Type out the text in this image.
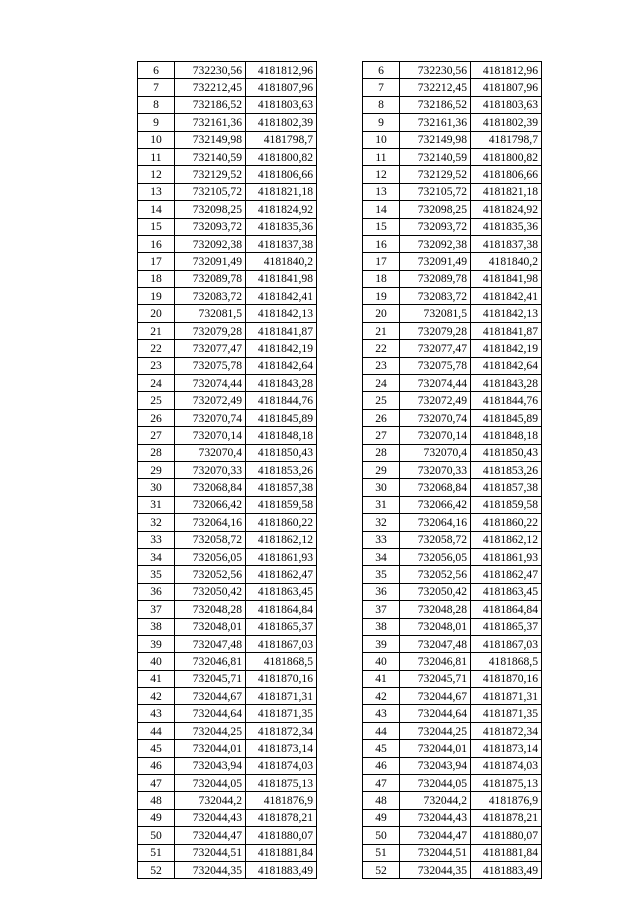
6	732230,56	4181812,96
7	732212,45	4181807,96
8	732186,52	4181803,63
9	732161,36	4181802,39
10	732149,98	4181798,7
11	732140,59	4181800,82
12	732129,52	4181806,66
13	732105,72	4181821,18
14	732098,25	4181824,92
15	732093,72	4181835,36
16	732092,38	4181837,38
17	732091,49	4181840,2
18	732089,78	4181841,98
19	732083,72	4181842,41
20	732081,5	4181842,13
21	732079,28	4181841,87
22	732077,47	4181842,19
23	732075,78	4181842,64
24	732074,44	4181843,28
25	732072,49	4181844,76
26	732070,74	4181845,89
27	732070,14	4181848,18
28	732070,4	4181850,43
29	732070,33	4181853,26
30	732068,84	4181857,38
31	732066,42	4181859,58
32	732064,16	4181860,22
33	732058,72	4181862,12
34	732056,05	4181861,93
35	732052,56	4181862,47
36	732050,42	4181863,45
37	732048,28	4181864,84
38	732048,01	4181865,37
39	732047,48	4181867,03
40	732046,81	4181868,5
41	732045,71	4181870,16
42	732044,67	4181871,31
43	732044,64	4181871,35
44	732044,25	4181872,34
45	732044,01	4181873,14
46	732043,94	4181874,03
47	732044,05	4181875,13
48	732044,2	4181876,9
49	732044,43	4181878,21
50	732044,47	4181880,07
51	732044,51	4181881,84
52	732044,35	4181883,49
6	732230,56	4181812,96
7	732212,45	4181807,96
8	732186,52	4181803,63
9	732161,36	4181802,39
10	732149,98	4181798,7
11	732140,59	4181800,82
12	732129,52	4181806,66
13	732105,72	4181821,18
14	732098,25	4181824,92
15	732093,72	4181835,36
16	732092,38	4181837,38
17	732091,49	4181840,2
18	732089,78	4181841,98
19	732083,72	4181842,41
20	732081,5	4181842,13
21	732079,28	4181841,87
22	732077,47	4181842,19
23	732075,78	4181842,64
24	732074,44	4181843,28
25	732072,49	4181844,76
26	732070,74	4181845,89
27	732070,14	4181848,18
28	732070,4	4181850,43
29	732070,33	4181853,26
30	732068,84	4181857,38
31	732066,42	4181859,58
32	732064,16	4181860,22
33	732058,72	4181862,12
34	732056,05	4181861,93
35	732052,56	4181862,47
36	732050,42	4181863,45
37	732048,28	4181864,84
38	732048,01	4181865,37
39	732047,48	4181867,03
40	732046,81	4181868,5
41	732045,71	4181870,16
42	732044,67	4181871,31
43	732044,64	4181871,35
44	732044,25	4181872,34
45	732044,01	4181873,14
46	732043,94	4181874,03
47	732044,05	4181875,13
48	732044,2	4181876,9
49	732044,43	4181878,21
50	732044,47	4181880,07
51	732044,51	4181881,84
52	732044,35	4181883,49
